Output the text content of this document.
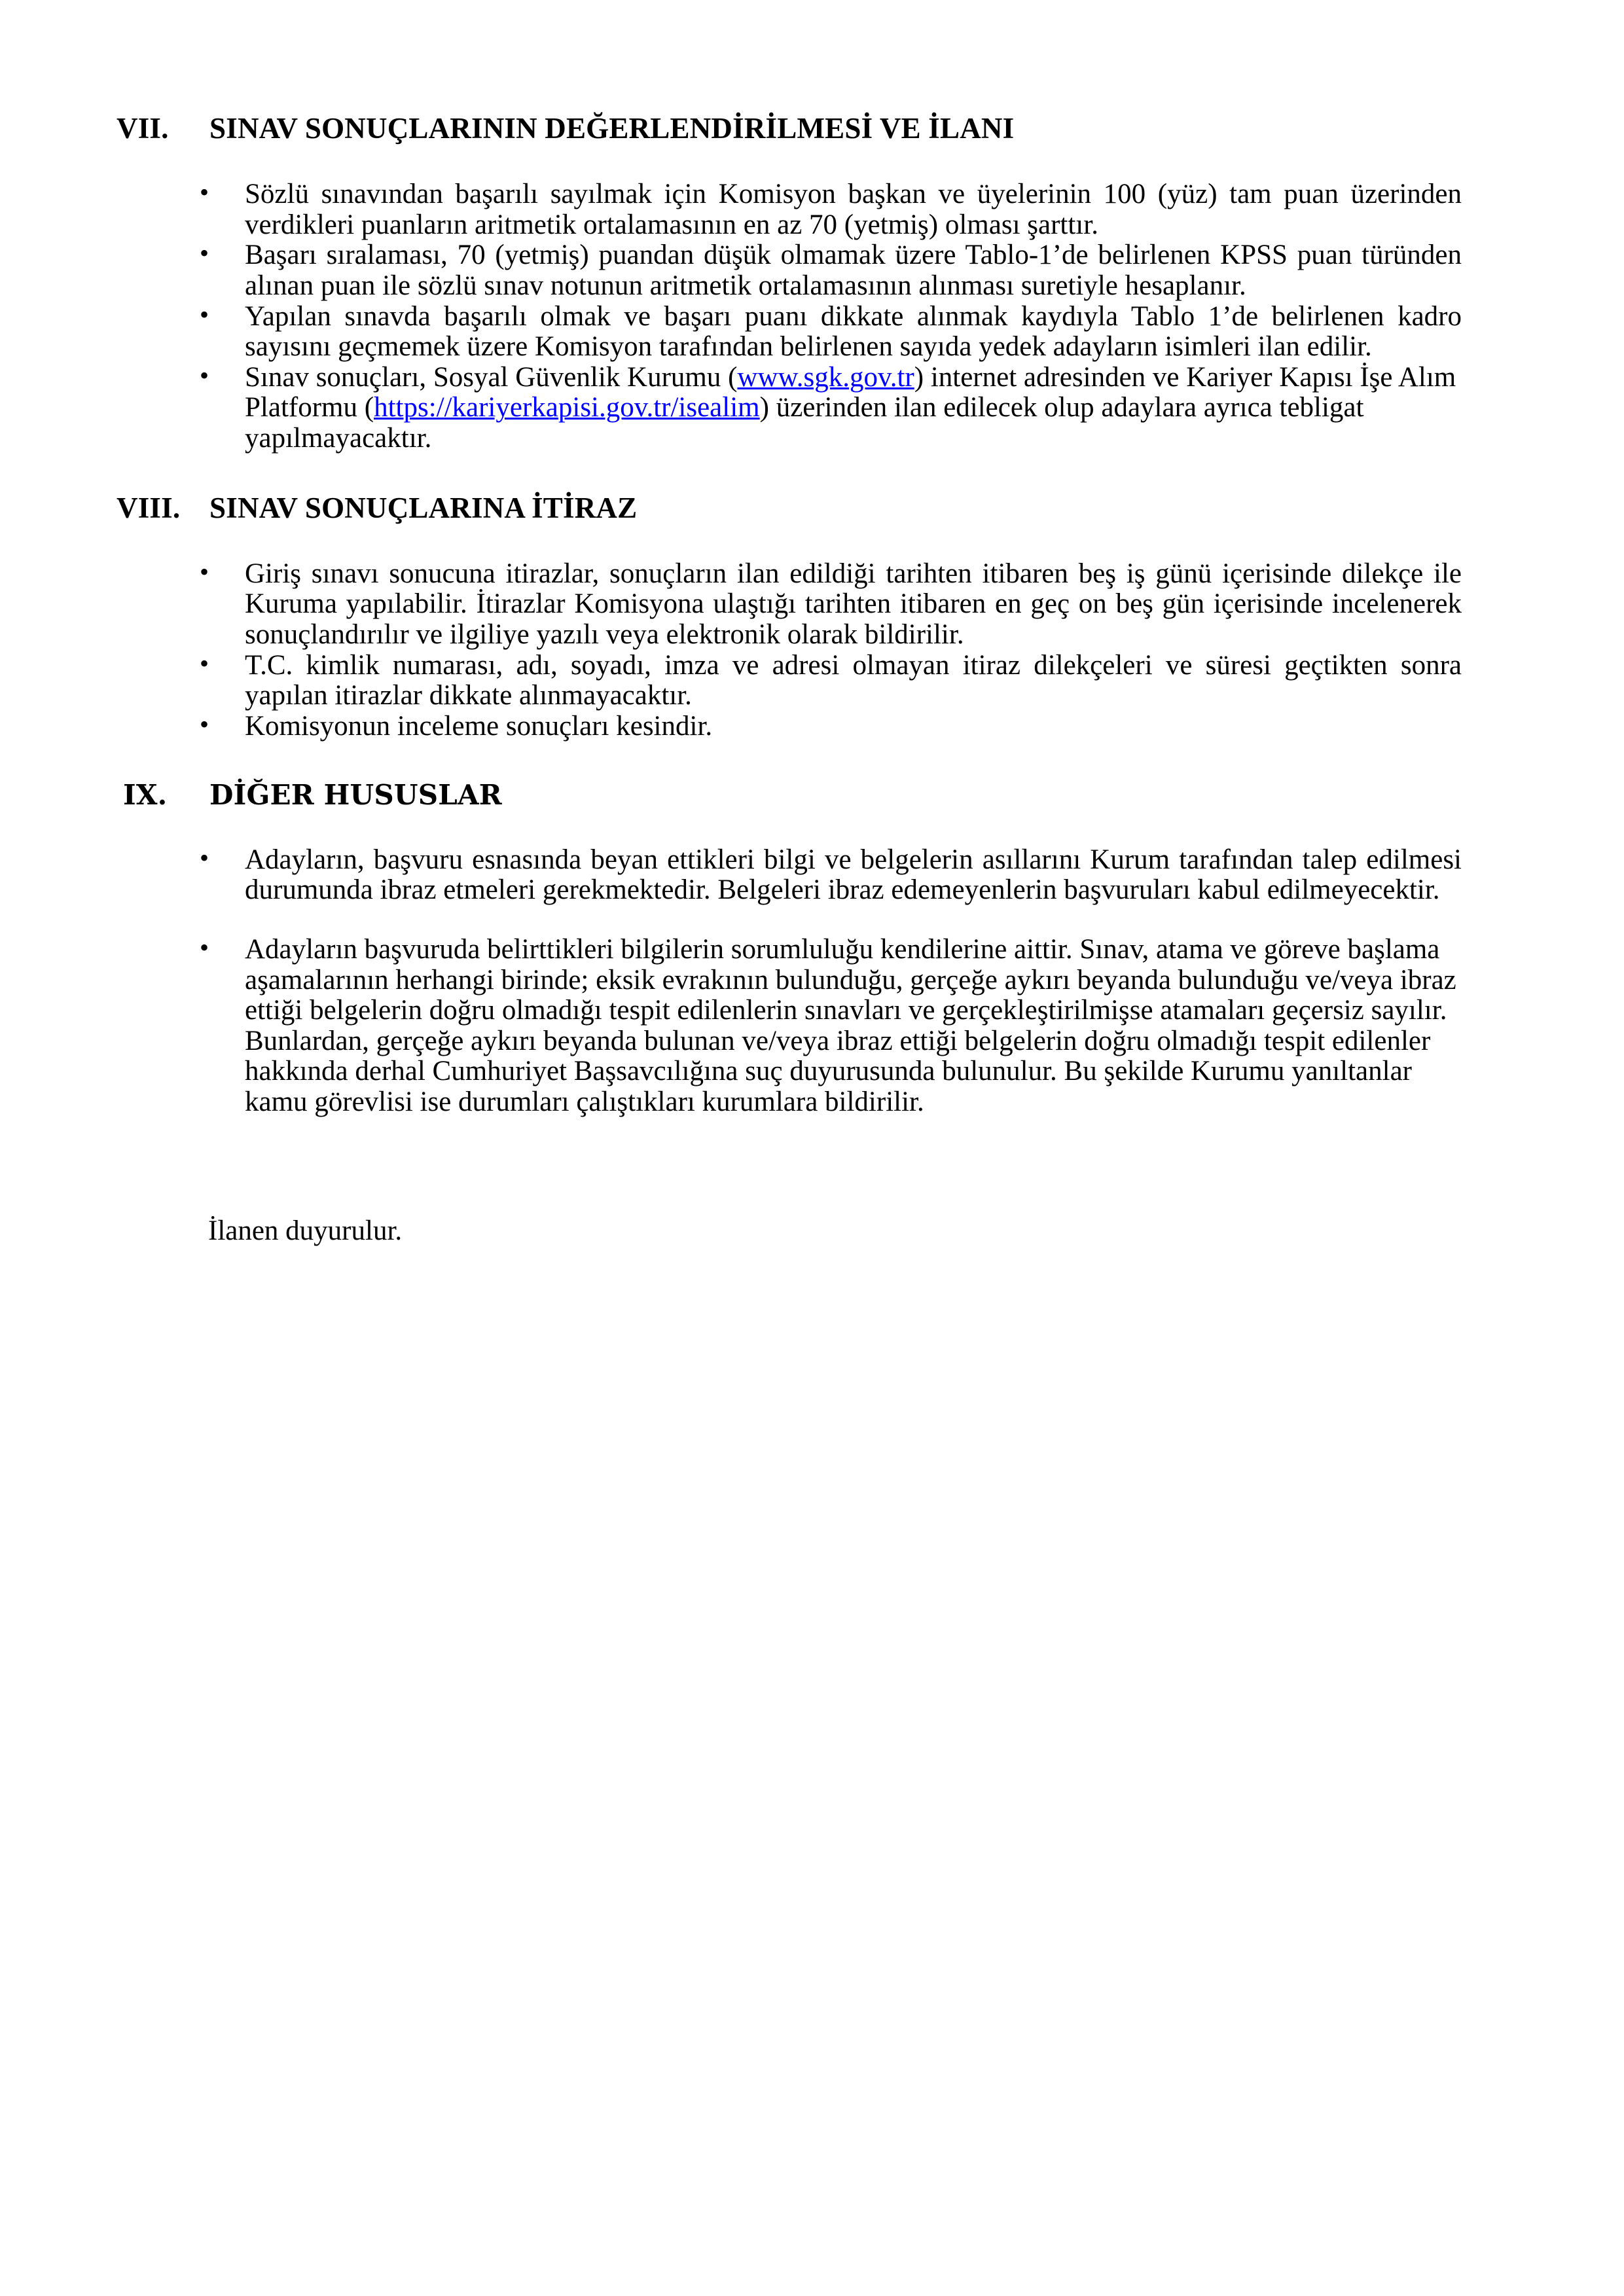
VII.	SINAV SONUÇLARININ DEĞERLENDİRİLMESİ VE İLANI
• Sözlü sınavından başarılı sayılmak için Komisyon başkan ve üyelerinin 100 (yüz) tam puan üzerinden verdikleri puanların aritmetik ortalamasının en az 70 (yetmiş) olması şarttır.
• Başarı sıralaması, 70 (yetmiş) puandan düşük olmamak üzere Tablo-1’de belirlenen KPSS puan türünden alınan puan ile sözlü sınav notunun aritmetik ortalamasının alınması suretiyle hesaplanır.
• Yapılan sınavda başarılı olmak ve başarı puanı dikkate alınmak kaydıyla Tablo 1’de belirlenen kadro sayısını geçmemek üzere Komisyon tarafından belirlenen sayıda yedek adayların isimleri ilan edilir.
• Sınav sonuçları, Sosyal Güvenlik Kurumu (www.sgk.gov.tr) internet adresinden ve Kariyer Kapısı İşe Alım Platformu (https://kariyerkapisi.gov.tr/isealim) üzerinden ilan edilecek olup adaylara ayrıca tebligat yapılmayacaktır.
VIII. SINAV SONUÇLARINA İTİRAZ
• Giriş sınavı sonucuna itirazlar, sonuçların ilan edildiği tarihten itibaren beş iş günü içerisinde dilekçe ile Kuruma yapılabilir. İtirazlar Komisyona ulaştığı tarihten itibaren en geç on beş gün içerisinde incelenerek sonuçlandırılır ve ilgiliye yazılı veya elektronik olarak bildirilir.
• T.C. kimlik numarası, adı, soyadı, imza ve adresi olmayan itiraz dilekçeleri ve süresi geçtikten sonra yapılan itirazlar dikkate alınmayacaktır.
• Komisyonun inceleme sonuçları kesindir.
IX.	DİĞER HUSUSLAR
• Adayların, başvuru esnasında beyan ettikleri bilgi ve belgelerin asıllarını Kurum tarafından talep edilmesi durumunda ibraz etmeleri gerekmektedir. Belgeleri ibraz edemeyenlerin başvuruları kabul edilmeyecektir.
• Adayların başvuruda belirttikleri bilgilerin sorumluluğu kendilerine aittir. Sınav, atama ve göreve başlama aşamalarının herhangi birinde; eksik evrakının bulunduğu, gerçeğe aykırı beyanda bulunduğu ve/veya ibraz ettiği belgelerin doğru olmadığı tespit edilenlerin sınavları ve gerçekleştirilmişse atamaları geçersiz sayılır. Bunlardan, gerçeğe aykırı beyanda bulunan ve/veya ibraz ettiği belgelerin doğru olmadığı tespit edilenler hakkında derhal Cumhuriyet Başsavcılığına suç duyurusunda bulunulur. Bu şekilde Kurumu yanıltanlar kamu görevlisi ise durumları çalıştıkları kurumlara bildirilir.

İlanen duyurulur.
